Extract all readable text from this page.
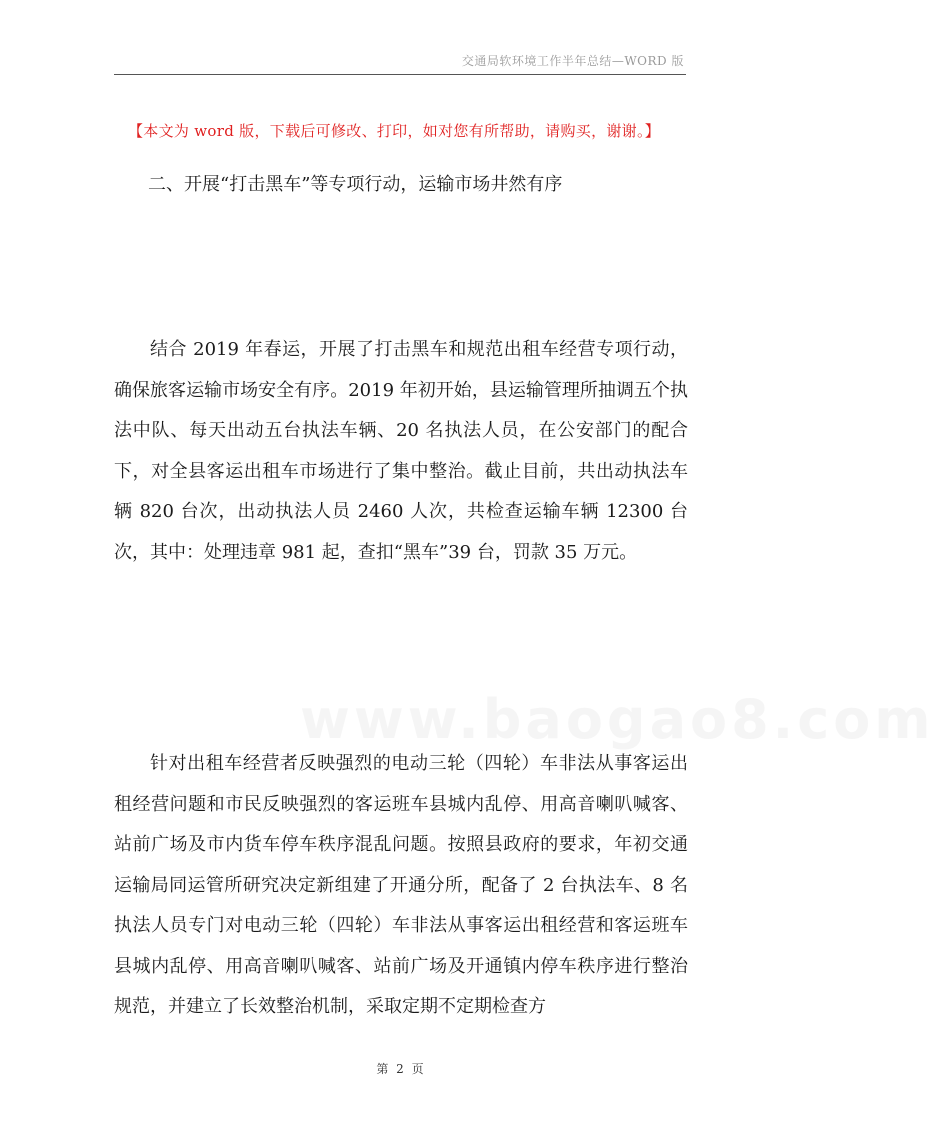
交通局软环境工作半年总结—WORD 版
【本文为 word 版，下载后可修改、打印，如对您有所帮助，请购买，谢谢。】
二、开展“打击黑车”等专项行动，运输市场井然有序

结合 2019 年春运，开展了打击黑车和规范出租车经营专项行动，确保旅客运输市场安全有序。2019 年初开始，县运输管理所抽调五个执法中队、每天出动五台执法车辆、20 名执法人员，在公安部门的配合下，对全县客运出租车市场进行了集中整治。截止目前，共出动执法车辆 820 台次，出动执法人员 2460 人次，共检查运输车辆 12300 台次，其中：处理违章 981 起，查扣“黑车”39 台，罚款 35 万元。

www.baogao8.com

针对出租车经营者反映强烈的电动三轮（四轮）车非法从事客运出租经营问题和市民反映强烈的客运班车县城内乱停、用高音喇叭喊客、站前广场及市内货车停车秩序混乱问题。按照县政府的要求，年初交通运输局同运管所研究决定新组建了开通分所，配备了 2 台执法车、8 名执法人员专门对电动三轮（四轮）车非法从事客运出租经营和客运班车县城内乱停、用高音喇叭喊客、站前广场及开通镇内停车秩序进行整治规范，并建立了长效整治机制，采取定期不定期检查方

第 2 页
